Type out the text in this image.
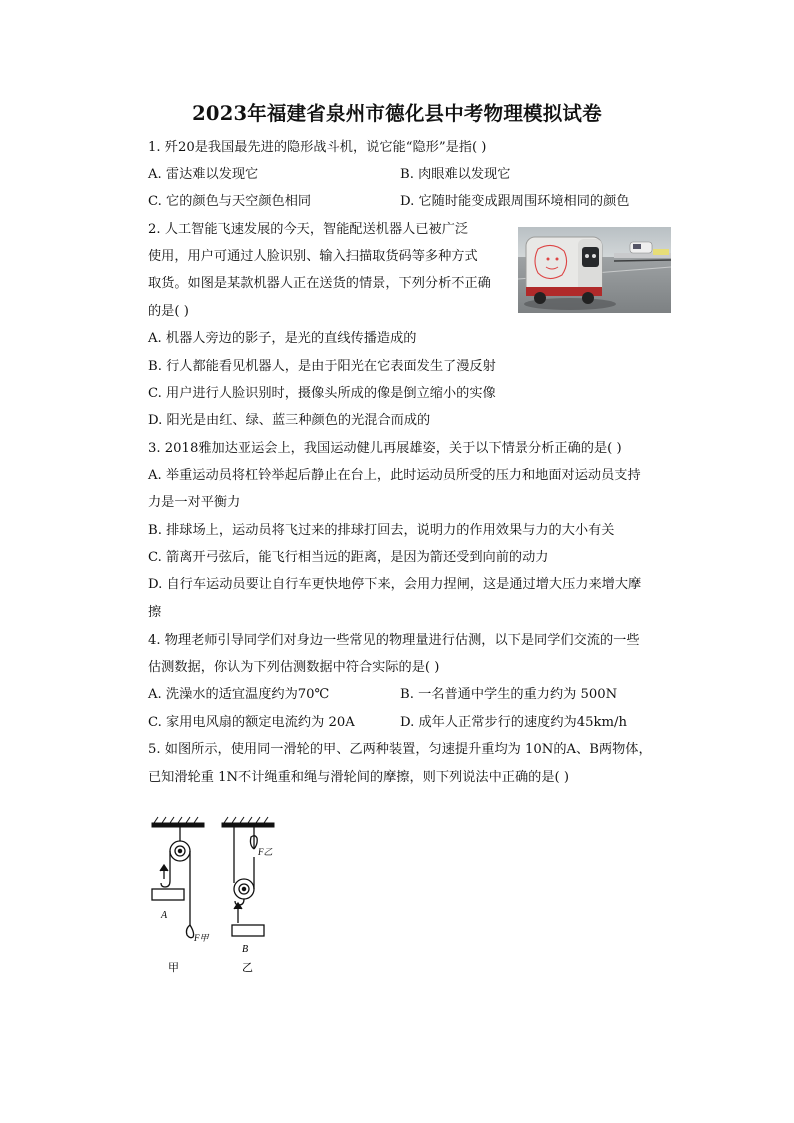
2023年福建省泉州市德化县中考物理模拟试卷
1. 歼20是我国最先进的隐形战斗机，说它能“隐形”是指( )
A. 雷达难以发现它	B. 肉眼难以发现它
C. 它的颜色与天空颜色相同	D. 它随时能变成跟周围环境相同的颜色
2. 人工智能飞速发展的今天，智能配送机器人已被广泛
使用，用户可通过人脸识别、输入扫描取货码等多种方式
取货。如图是某款机器人正在送货的情景，下列分析不正确
的是( )
A. 机器人旁边的影子，是光的直线传播造成的
B. 行人都能看见机器人，是由于阳光在它表面发生了漫反射
C. 用户进行人脸识别时，摄像头所成的像是倒立缩小的实像
D. 阳光是由红、绿、蓝三种颜色的光混合而成的
3. 2018雅加达亚运会上，我国运动健儿再展雄姿，关于以下情景分析正确的是( )
A. 举重运动员将杠铃举起后静止在台上，此时运动员所受的压力和地面对运动员支持
力是一对平衡力
B. 排球场上，运动员将飞过来的排球打回去，说明力的作用效果与力的大小有关
C. 箭离开弓弦后，能飞行相当远的距离，是因为箭还受到向前的动力
D. 自行车运动员要让自行车更快地停下来，会用力捏闸，这是通过增大压力来增大摩
擦
4. 物理老师引导同学们对身边一些常见的物理量进行估测，以下是同学们交流的一些
估测数据，你认为下列估测数据中符合实际的是( )
A. 洗澡水的适宜温度约为70℃	B. 一名普通中学生的重力约为 500N
C. 家用电风扇的额定电流约为 20A	D. 成年人正常步行的速度约为45km/h
5. 如图所示，使用同一滑轮的甲、乙两种装置，匀速提升重均为 10N的A、B两物体，
已知滑轮重 1N不计绳重和绳与滑轮间的摩擦，则下列说法中正确的是( )
A
F甲
F乙
B
甲	乙
